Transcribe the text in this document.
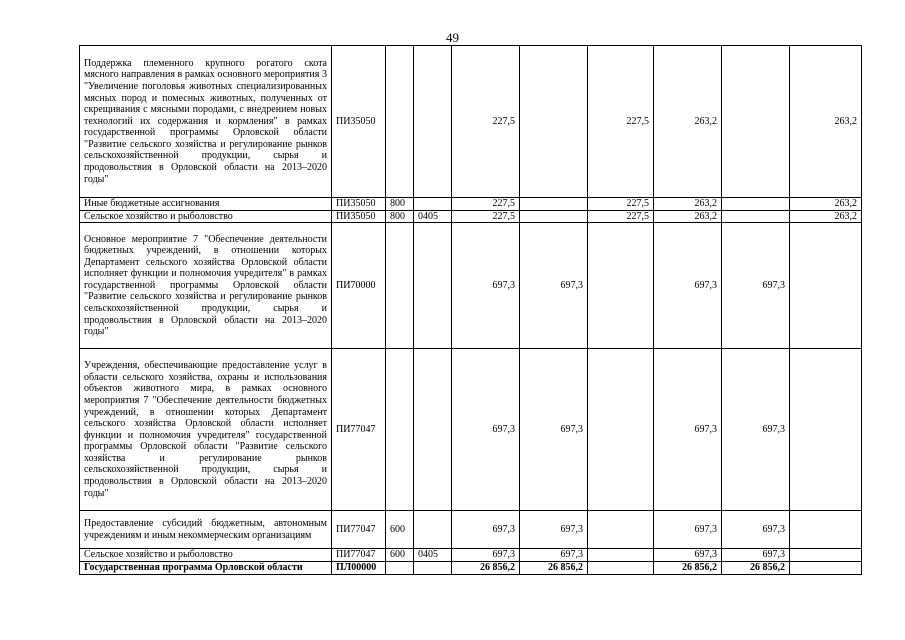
49
Поддержка племенного крупного рогатого скота мясного направления в рамках основного мероприятия 3 "Увеличение поголовья животных специализированных мясных пород и помесных животных, полученных от скрещивания с мясными породами, с внедрением новых технологий их содержания и кормления" в рамках государственной программы Орловской области "Развитие сельского хозяйства и регулирование рынков сельскохозяйственной продукции, сырья и продовольствия в Орловской области на 2013–2020 годы"	ПИ35050			227,5		227,5	263,2		263,2
Иные бюджетные ассигнования	ПИ35050	800		227,5		227,5	263,2		263,2
Сельское хозяйство и рыболовство	ПИ35050	800	0405	227,5		227,5	263,2		263,2
Основное мероприятие 7 "Обеспечение деятельности бюджетных учреждений, в отношении которых Департамент сельского хозяйства Орловской области исполняет функции и полномочия учредителя" в рамках государственной программы Орловской области "Развитие сельского хозяйства и регулирование рынков сельскохозяйственной продукции, сырья и продовольствия в Орловской области на 2013–2020 годы"	ПИ70000			697,3	697,3		697,3	697,3	
Учреждения, обеспечивающие предоставление услуг в области сельского хозяйства, охраны и использования объектов животного мира, в рамках основного мероприятия 7 "Обеспечение деятельности бюджетных учреждений, в отношении которых Департамент сельского хозяйства Орловской области исполняет функции и полномочия учредителя" государственной программы Орловской области "Развитие сельского хозяйства и регулирование рынков сельскохозяйственной продукции, сырья и продовольствия в Орловской области на 2013–2020 годы"	ПИ77047			697,3	697,3		697,3	697,3	
Предоставление субсидий бюджетным, автономным учреждениям и иным некоммерческим организациям	ПИ77047	600		697,3	697,3		697,3	697,3	
Сельское хозяйство и рыболовство	ПИ77047	600	0405	697,3	697,3		697,3	697,3	
Государственная программа Орловской области	ПЛ00000			26 856,2	26 856,2		26 856,2	26 856,2	
